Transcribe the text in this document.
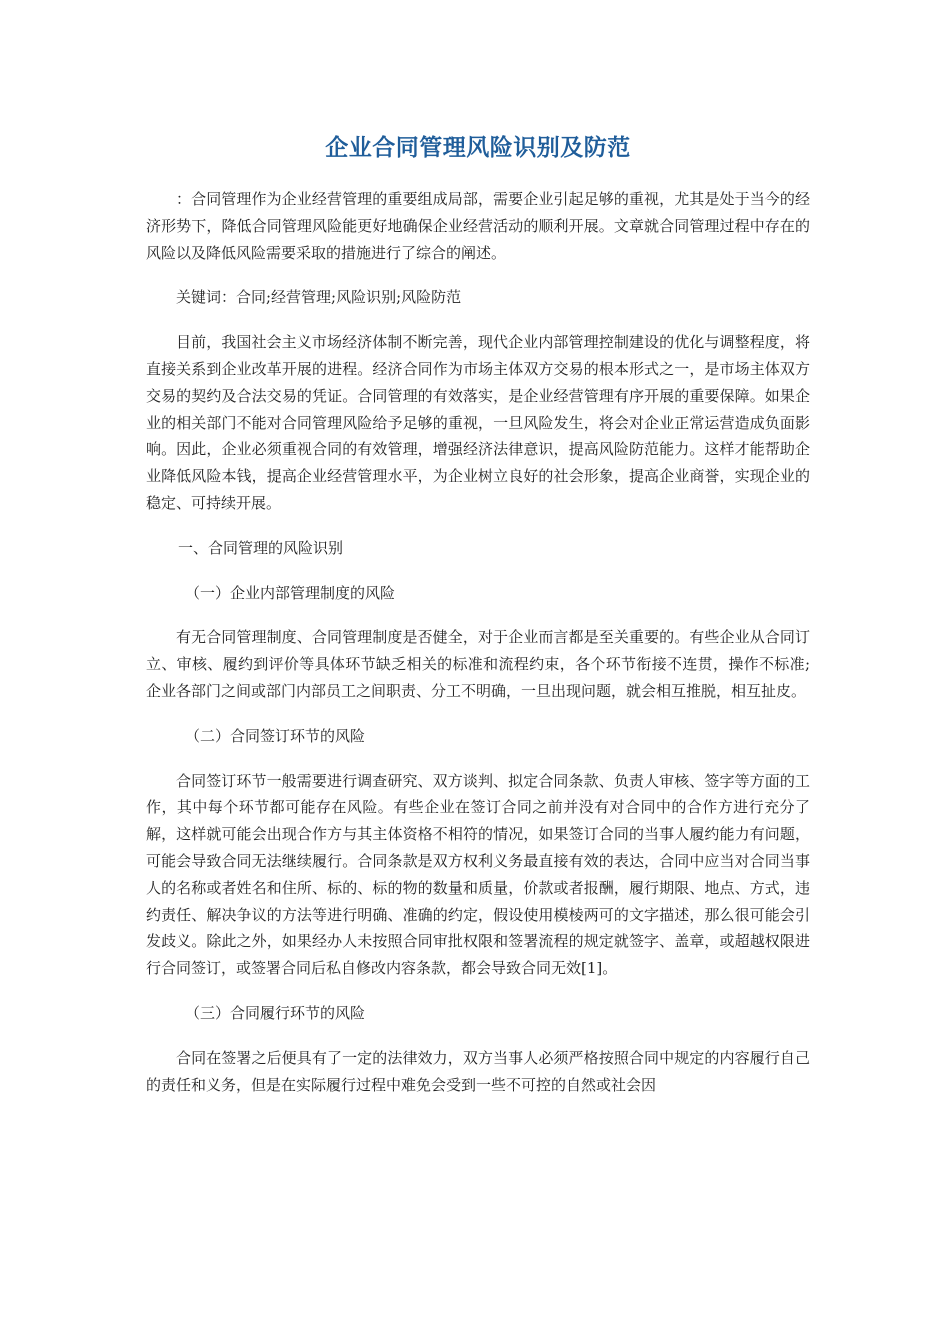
企业合同管理风险识别及防范

：合同管理作为企业经营管理的重要组成局部，需要企业引起足够的重视，尤其是处于当今的经济形势下，降低合同管理风险能更好地确保企业经营活动的顺利开展。文章就合同管理过程中存在的风险以及降低风险需要采取的措施进行了综合的阐述。

关键词：合同;经营管理;风险识别;风险防范

目前，我国社会主义市场经济体制不断完善，现代企业内部管理控制建设的优化与调整程度，将直接关系到企业改革开展的进程。经济合同作为市场主体双方交易的根本形式之一，是市场主体双方交易的契约及合法交易的凭证。合同管理的有效落实，是企业经营管理有序开展的重要保障。如果企业的相关部门不能对合同管理风险给予足够的重视，一旦风险发生，将会对企业正常运营造成负面影响。因此，企业必须重视合同的有效管理，增强经济法律意识，提高风险防范能力。这样才能帮助企业降低风险本钱，提高企业经营管理水平，为企业树立良好的社会形象，提高企业商誉，实现企业的稳定、可持续开展。

一、合同管理的风险识别

（一）企业内部管理制度的风险

有无合同管理制度、合同管理制度是否健全，对于企业而言都是至关重要的。有些企业从合同订立、审核、履约到评价等具体环节缺乏相关的标准和流程约束，各个环节衔接不连贯，操作不标准;企业各部门之间或部门内部员工之间职责、分工不明确，一旦出现问题，就会相互推脱，相互扯皮。

（二）合同签订环节的风险

合同签订环节一般需要进行调查研究、双方谈判、拟定合同条款、负责人审核、签字等方面的工作，其中每个环节都可能存在风险。有些企业在签订合同之前并没有对合同中的合作方进行充分了解，这样就可能会出现合作方与其主体资格不相符的情况，如果签订合同的当事人履约能力有问题，可能会导致合同无法继续履行。合同条款是双方权利义务最直接有效的表达，合同中应当对合同当事人的名称或者姓名和住所、标的、标的物的数量和质量，价款或者报酬，履行期限、地点、方式，违约责任、解决争议的方法等进行明确、准确的约定，假设使用模棱两可的文字描述，那么很可能会引发歧义。除此之外，如果经办人未按照合同审批权限和签署流程的规定就签字、盖章，或超越权限进行合同签订，或签署合同后私自修改内容条款，都会导致合同无效[1]。

（三）合同履行环节的风险

合同在签署之后便具有了一定的法律效力，双方当事人必须严格按照合同中规定的内容履行自己的责任和义务，但是在实际履行过程中难免会受到一些不可控的自然或社会因
